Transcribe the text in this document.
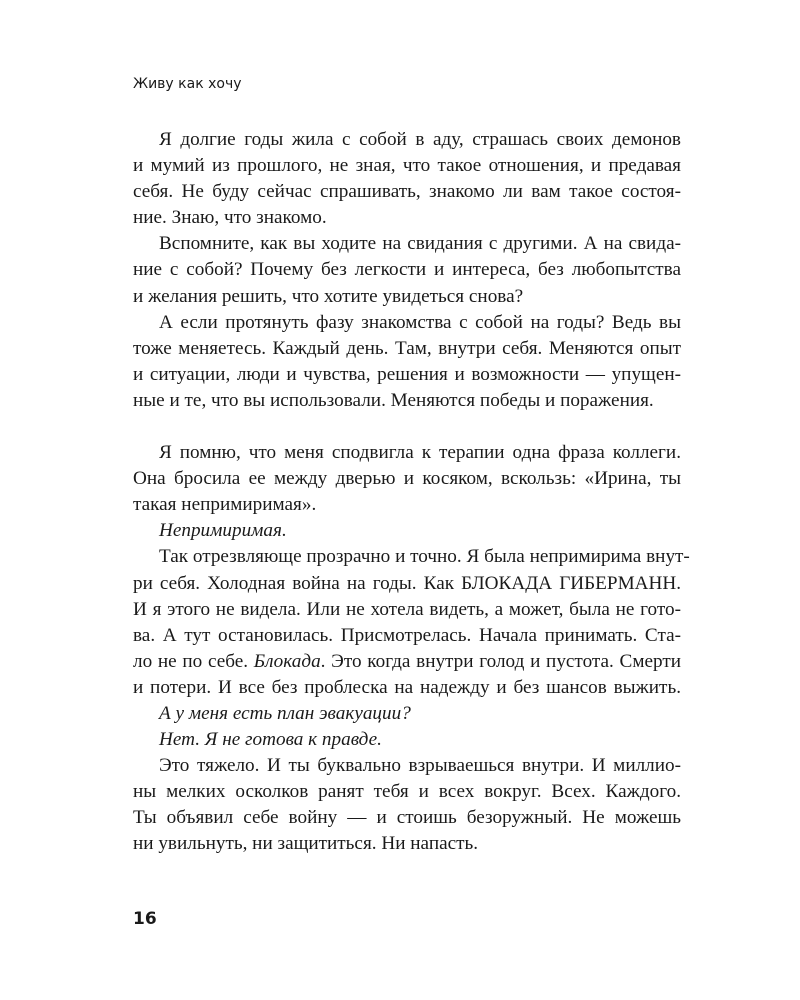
Живу как хочу

Я долгие годы жила с собой в аду, страшась своих демонов

и мумий из прошлого, не зная, что такое отношения, и предавая

себя. Не буду сейчас спрашивать, знакомо ли вам такое состоя-

ние. Знаю, что знакомо.

Вспомните, как вы ходите на свидания с другими. А на свида-

ние с собой? Почему без легкости и интереса, без любопытства

и желания решить, что хотите увидеться снова?

А если протянуть фазу знакомства с собой на годы? Ведь вы

тоже меняетесь. Каждый день. Там, внутри себя. Меняются опыт

и ситуации, люди и чувства, решения и возможности — упущен-

ные и те, что вы использовали. Меняются победы и поражения.

Я помню, что меня сподвигла к терапии одна фраза коллеги.

Она бросила ее между дверью и косяком, вскользь: «Ирина, ты

такая непримиримая».

Непримиримая.

Так отрезвляюще прозрачно и точно. Я была непримирима внут-

ри себя. Холодная война на годы. Как БЛОКАДА ГИБЕРМАНН.

И я этого не видела. Или не хотела видеть, а может, была не гото-

ва. А тут остановилась. Присмотрелась. Начала принимать. Ста-

ло не по себе. Блокада. Это когда внутри голод и пустота. Смерти

и потери. И все без проблеска на надежду и без шансов выжить.

А у меня есть план эвакуации?

Нет. Я не готова к правде.

Это тяжело. И ты буквально взрываешься внутри. И миллио-

ны мелких осколков ранят тебя и всех вокруг. Всех. Каждого.

Ты объявил себе войну — и стоишь безоружный. Не можешь

ни увильнуть, ни защититься. Ни напасть.

16
